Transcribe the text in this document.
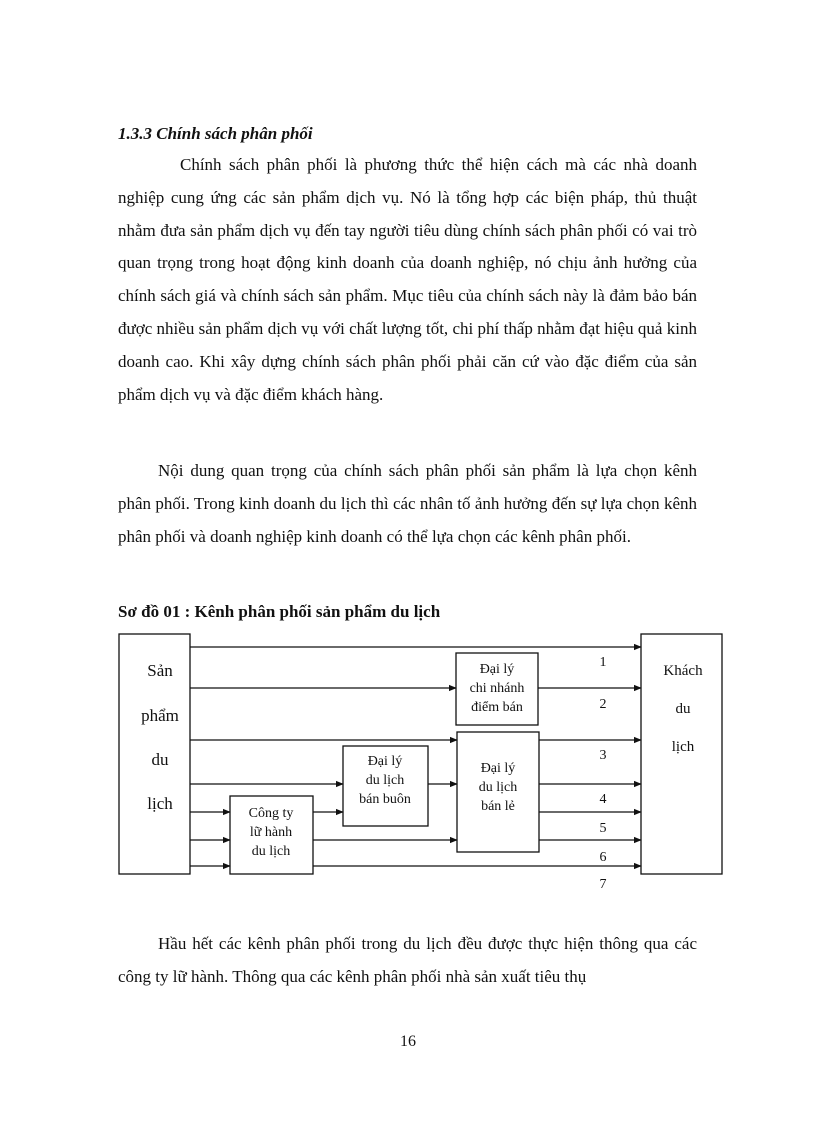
1.3.3 Chính sách phân phối

Chính sách phân phối là phương thức thể hiện cách mà các nhà doanh nghiệp cung ứng các sản phẩm dịch vụ. Nó là tổng hợp các biện pháp, thủ thuật nhằm đưa sản phẩm dịch vụ đến tay người tiêu dùng chính sách phân phối có vai trò quan trọng trong hoạt động kinh doanh của doanh nghiệp, nó chịu ảnh hưởng của chính sách giá và chính sách sản phẩm. Mục tiêu của chính sách này là đảm bảo bán được nhiều sản phẩm dịch vụ với chất lượng tốt, chi phí thấp nhằm đạt hiệu quả kinh doanh cao. Khi xây dựng chính sách phân phối phải căn cứ vào đặc điểm của sản phẩm dịch vụ và đặc điểm khách hàng.

Nội dung quan trọng của chính sách phân phối sản phẩm là lựa chọn kênh phân phối. Trong kinh doanh du lịch thì các nhân tố ảnh hưởng đến sự lựa chọn kênh phân phối và doanh nghiệp kinh doanh có thể lựa chọn các kênh phân phối.

Sơ đồ 01 : Kênh phân phối sản phẩm du lịch

Sản
phẩm
du
lịch
Khách
du
lịch
Đại lý
chi nhánh
điểm bán
Đại lý
du lịch
bán buôn
Đại lý
du lịch
bán lẻ
Công ty
lữ hành
du lịch
1
2
3
4
5
6
7

Hầu hết các kênh phân phối trong du lịch đều được thực hiện thông qua các công ty lữ hành. Thông qua các kênh phân phối nhà sản xuất tiêu thụ

16
